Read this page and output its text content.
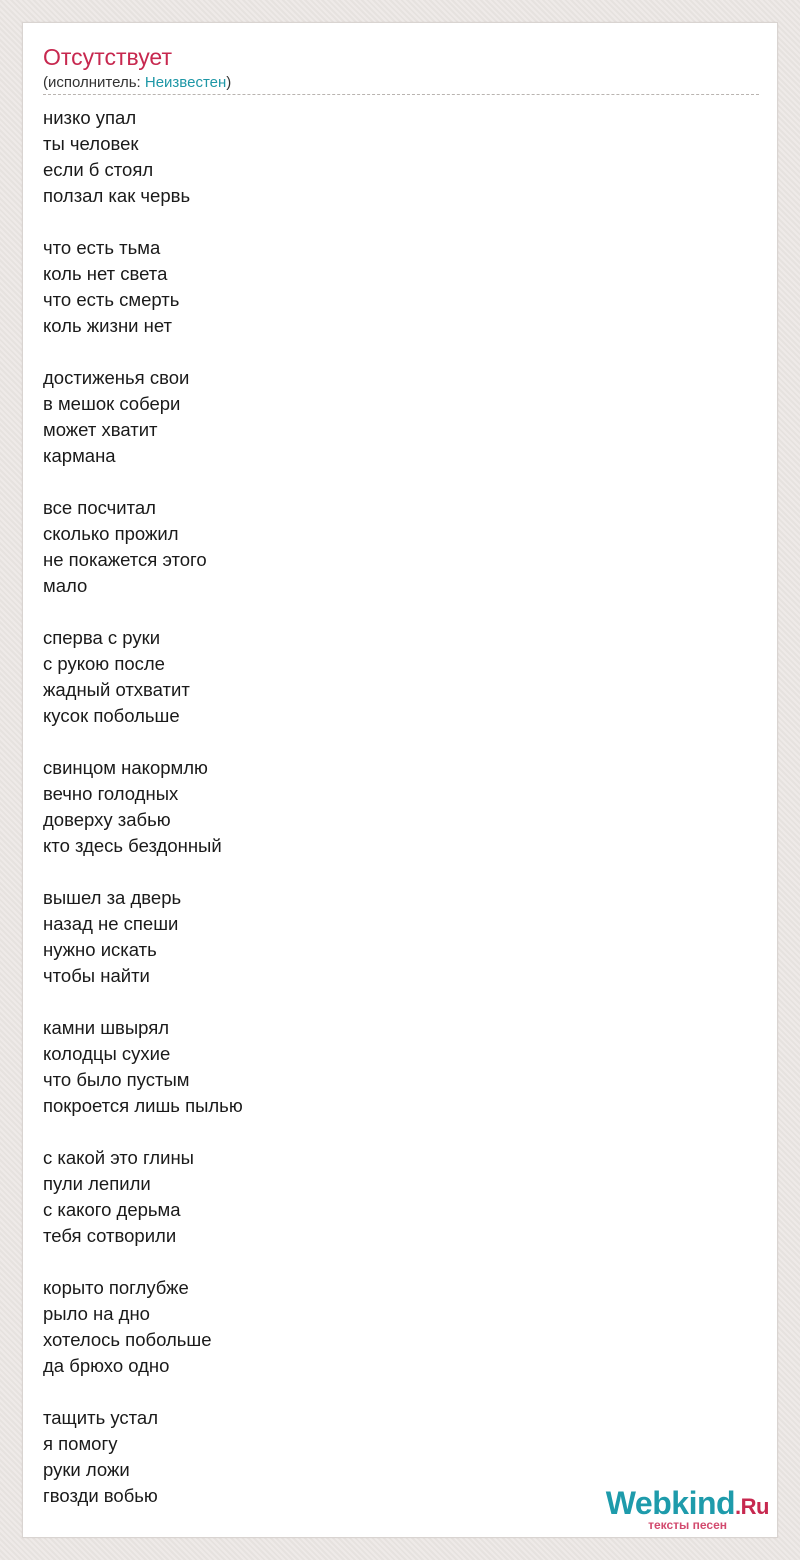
Отсутствует
(исполнитель: Неизвестен)
низко упал
ты человек
если б стоял
ползал как червь
что есть тьма
коль нет света
что есть смерть
коль жизни нет
достиженья свои
в мешок собери
может хватит
кармана
все посчитал
сколько прожил
не покажется этого
мало
сперва с руки
с рукою после
жадный отхватит
кусок побольше
свинцом накормлю
вечно голодных
доверху забью
кто здесь бездонный
вышел за дверь
назад не спеши
нужно искать
чтобы найти
камни швырял
колодцы сухие
что было пустым
покроется лишь пылью
с какой это глины
пули лепили
с какого дерьма
тебя сотворили
корыто поглубже
рыло на дно
хотелось побольше
да брюхо одно
тащить устал
я помогу
руки ложи
гвозди вобью	Webkind.Ru
тексты песен
